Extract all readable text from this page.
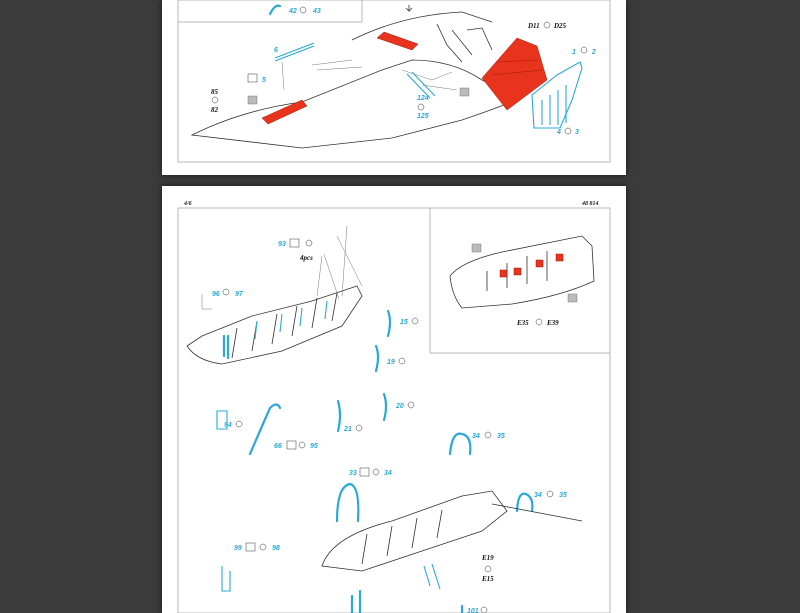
42 43
6
5
85
82
124
125
D11 D25
1 2
4 3
4/6	48 814
E35	E39
93
4pcs
96 97
15
19
20
94
21
66	95
34 35
33	34
34 35
99	98
E19
E15
101
